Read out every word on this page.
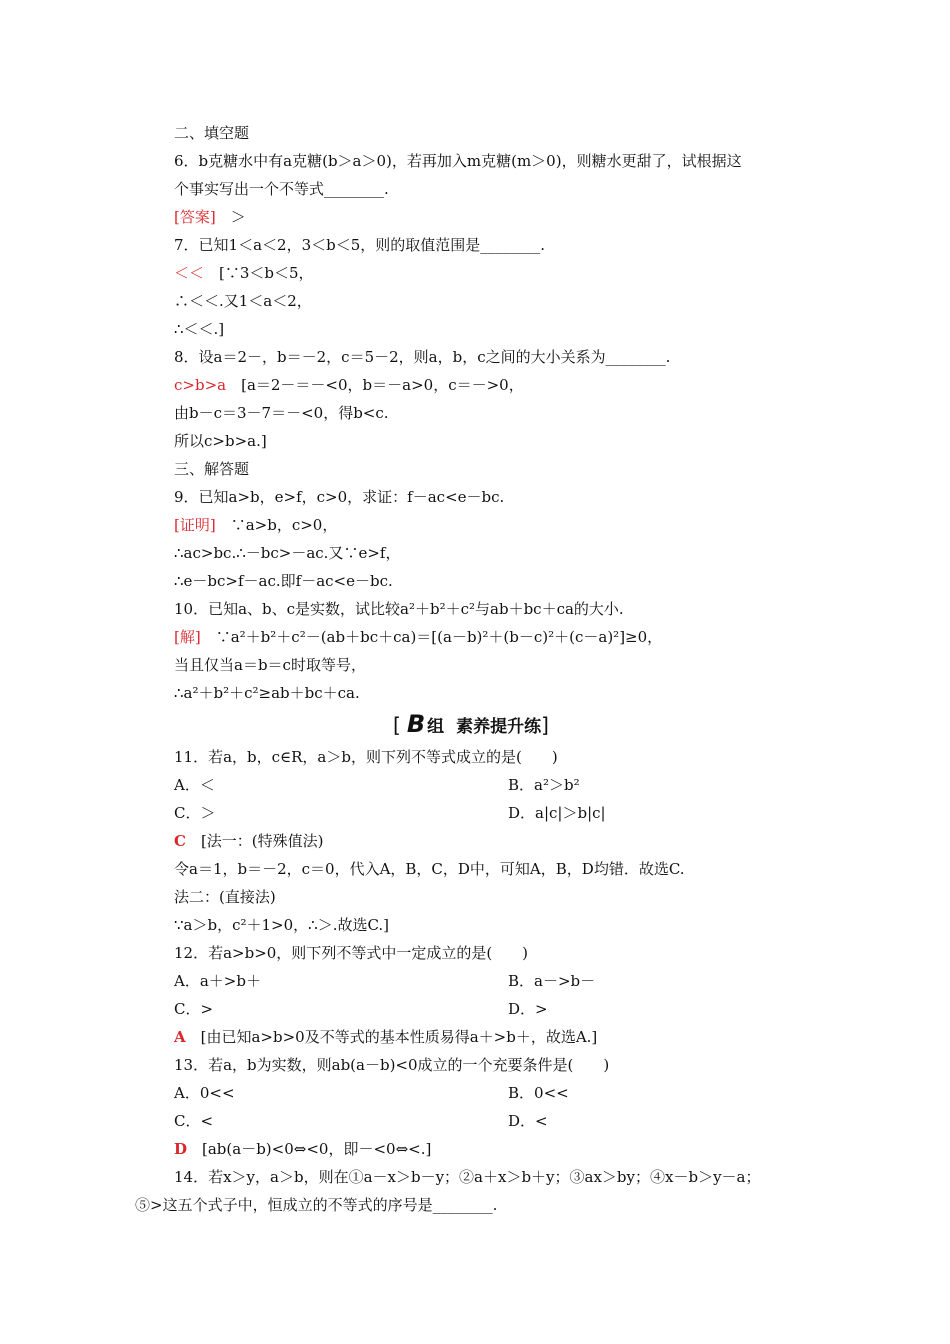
二、填空题
6．b克糖水中有a克糖(b＞a＞0)，若再加入m克糖(m＞0)，则糖水更甜了，试根据这
个事实写出一个不等式________.
[答案]　＞
7．已知1＜a＜2，3＜b＜5，则的取值范围是________.
＜＜　[∵3＜b＜5，
∴＜＜.又1＜a＜2，
∴＜＜.]
8．设a＝2－，b＝－2，c＝5－2，则a，b，c之间的大小关系为________.
c>b>a　[a＝2－＝－<0，b＝－a>0，c＝－>0，
由b－c＝3－7＝－<0，得b<c.
所以c>b>a.]
三、解答题
9．已知a>b，e>f，c>0，求证：f－ac<e－bc.
[证明]　∵a>b，c>0，
∴ac>bc.∴－bc>－ac.又∵e>f，
∴e－bc>f－ac.即f－ac<e－bc.
10．已知a、b、c是实数，试比较a²＋b²＋c²与ab＋bc＋ca的大小.
[解]　∵a²＋b²＋c²－(ab＋bc＋ca)＝[(a－b)²＋(b－c)²＋(c－a)²]≥0，
当且仅当a＝b＝c时取等号，
∴a²＋b²＋c²≥ab＋bc＋ca.
[ B 组 素养提升练]
11．若a，b，c∈R，a＞b，则下列不等式成立的是(　　)
A．＜	B．a²＞b²
C．＞	D．a|c|＞b|c|
C　[法一：(特殊值法)
令a＝1，b＝－2，c＝0，代入A，B，C，D中，可知A，B，D均错．故选C.
法二：(直接法)
∵a＞b，c²＋1>0，∴＞.故选C.]
12．若a>b>0，则下列不等式中一定成立的是(　　)
A．a＋>b＋	B．a－>b－
C．>	D．>
A　[由已知a>b>0及不等式的基本性质易得a＋>b＋，故选A.]
13．若a，b为实数，则ab(a－b)<0成立的一个充要条件是(　　)
A．0<<	B．0<<
C．<	D．<
D　[ab(a－b)<0⇔<0，即－<0⇔<.]
14．若x＞y，a＞b，则在①a－x＞b－y；②a＋x＞b＋y；③ax＞by；④x－b＞y－a；
⑤>这五个式子中，恒成立的不等式的序号是________.
